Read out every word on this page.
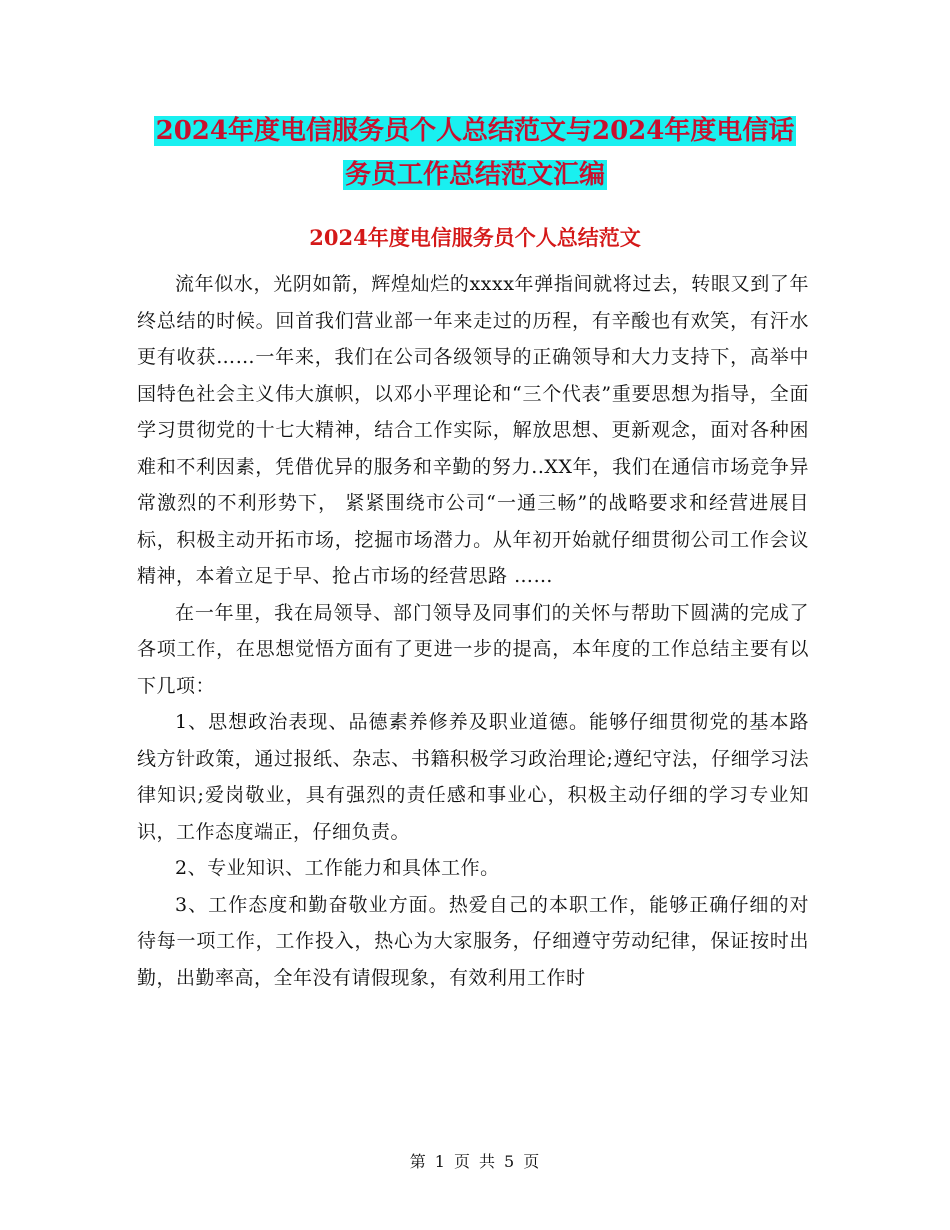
2024年度电信服务员个人总结范文与2024年度电信话
务员工作总结范文汇编
2024年度电信服务员个人总结范文

流年似水，光阴如箭，辉煌灿烂的xxxx年弹指间就将过去，转眼又到了年终总结的时候。回首我们营业部一年来走过的历程，有辛酸也有欢笑，有汗水更有收获……一年来，我们在公司各级领导的正确领导和大力支持下，高举中国特色社会主义伟大旗帜，以邓小平理论和“三个代表”重要思想为指导，全面学习贯彻党的十七大精神，结合工作实际，解放思想、更新观念，面对各种困难和不利因素，凭借优异的服务和辛勤的努力..XX年，我们在通信市场竞争异常激烈的不利形势下， 紧紧围绕市公司“一通三畅”的战略要求和经营进展目标，积极主动开拓市场，挖掘市场潜力。从年初开始就仔细贯彻公司工作会议精神，本着立足于早、抢占市场的经营思路 ……

在一年里，我在局领导、部门领导及同事们的关怀与帮助下圆满的完成了各项工作，在思想觉悟方面有了更进一步的提高，本年度的工作总结主要有以下几项：

1、思想政治表现、品德素养修养及职业道德。能够仔细贯彻党的基本路线方针政策，通过报纸、杂志、书籍积极学习政治理论;遵纪守法，仔细学习法律知识;爱岗敬业，具有强烈的责任感和事业心，积极主动仔细的学习专业知识，工作态度端正，仔细负责。

2、专业知识、工作能力和具体工作。

3、工作态度和勤奋敬业方面。热爱自己的本职工作，能够正确仔细的对待每一项工作，工作投入，热心为大家服务，仔细遵守劳动纪律，保证按时出勤，出勤率高，全年没有请假现象，有效利用工作时

第 1 页 共 5 页
